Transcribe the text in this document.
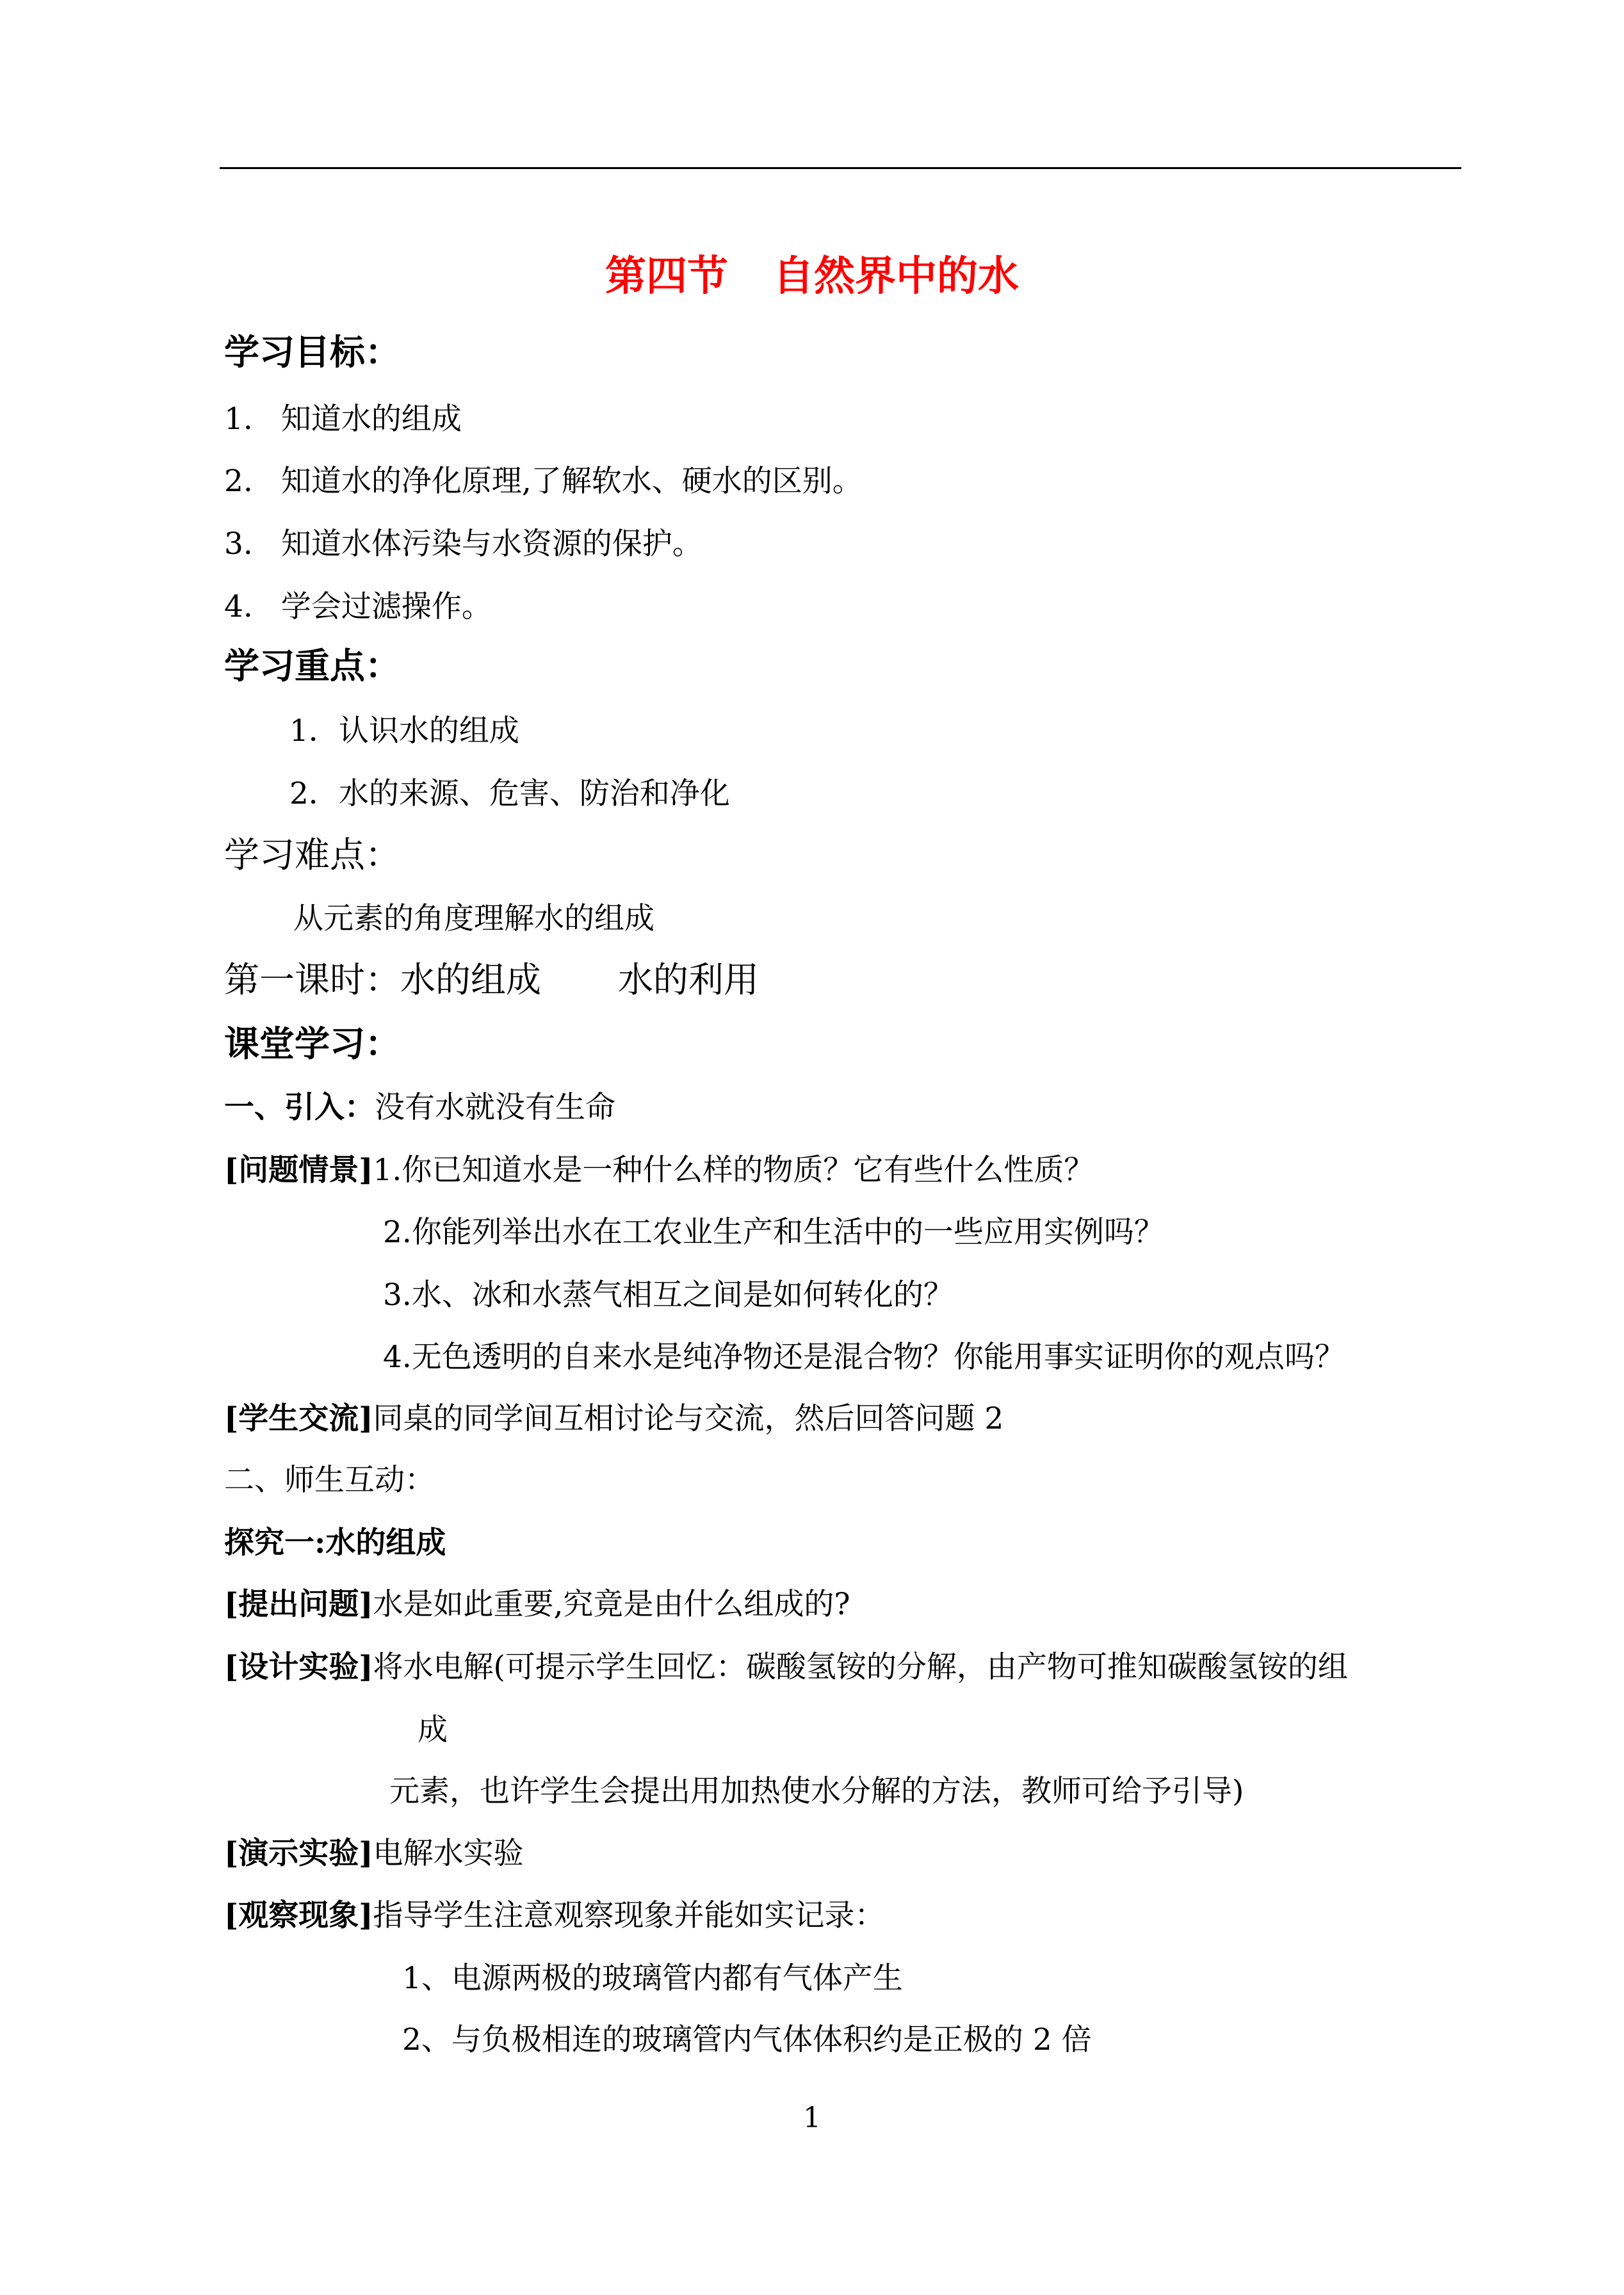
第四节 自然界中的水
学习目标：
1. 知道水的组成
2. 知道水的净化原理,了解软水、硬水的区别。
3. 知道水体污染与水资源的保护。
4. 学会过滤操作。
学习重点：
1．认识水的组成
2．水的来源、危害、防治和净化
学习难点：
从元素的角度理解水的组成
第一课时：水的组成 水的利用
课堂学习：
一、引入：没有水就没有生命
[问题情景]1.你已知道水是一种什么样的物质？它有些什么性质？
2.你能列举出水在工农业生产和生活中的一些应用实例吗？
3.水、冰和水蒸气相互之间是如何转化的？
4.无色透明的自来水是纯净物还是混合物？你能用事实证明你的观点吗？
[学生交流]同桌的同学间互相讨论与交流，然后回答问题 2
二、师生互动：
探究一:水的组成
[提出问题]水是如此重要,究竟是由什么组成的?
[设计实验]将水电解(可提示学生回忆：碳酸氢铵的分解，由产物可推知碳酸氢铵的组
成
元素，也许学生会提出用加热使水分解的方法，教师可给予引导)
[演示实验]电解水实验
[观察现象]指导学生注意观察现象并能如实记录：
1、电源两极的玻璃管内都有气体产生
2、与负极相连的玻璃管内气体体积约是正极的 2 倍
1
